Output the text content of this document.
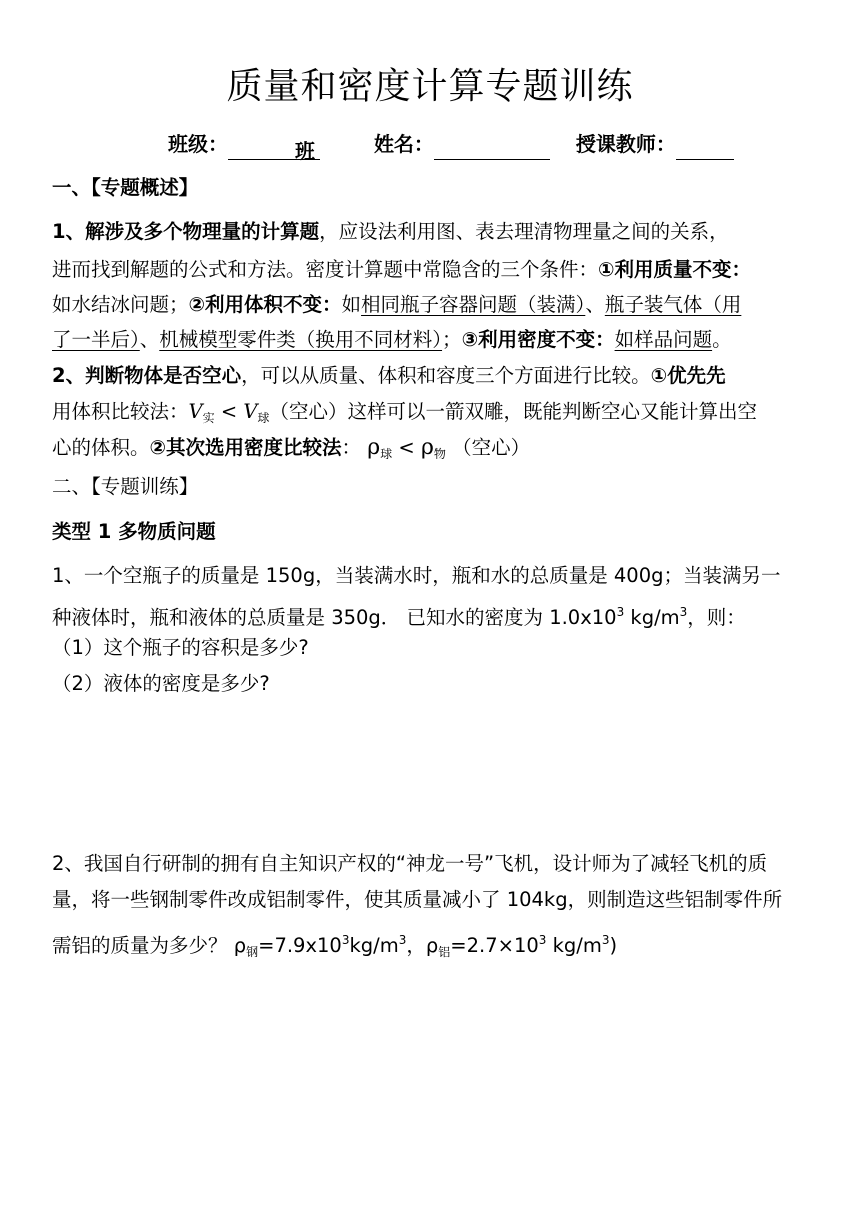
质量和密度计算专题训练
班级：	班	姓名：	授课教师：
一、【专题概述】
1、解涉及多个物理量的计算题，应设法利用图、表去理清物理量之间的关系，
进而找到解题的公式和方法。密度计算题中常隐含的三个条件：①利用质量不变：
如水结冰问题；②利用体积不变：如相同瓶子容器问题（装满）、瓶子装气体（用
了一半后）、机械模型零件类（换用不同材料）；③利用密度不变：如样品问题。
2、判断物体是否空心，可以从质量、体积和容度三个方面进行比较。①优先先
用体积比较法：$V_实 < V_球$（空心）这样可以一箭双雕，既能判断空心又能计算出空
心的体积。②其次选用密度比较法： $\rho_球 < \rho_物$ （空心）
二、【专题训练】
类型 1 多物质问题
1、一个空瓶子的质量是 150g，当装满水时，瓶和水的总质量是 400g；当装满另一
种液体时，瓶和液体的总质量是 350g． 已知水的密度为 $1.0x10^3$ $kg/m^3$，则：
（1）这个瓶子的容积是多少?
（2）液体的密度是多少?
2、我国自行研制的拥有自主知识产权的“神龙一号”飞机，设计师为了减轻飞机的质
量，将一些钢制零件改成铝制零件，使其质量减小了 104kg，则制造这些铝制零件所
需铝的质量为多少？ $\rho_钢=7.9x10^3kg/m^3$，$\rho_铝=2.7\times 10^3$ $kg/m^3$)
